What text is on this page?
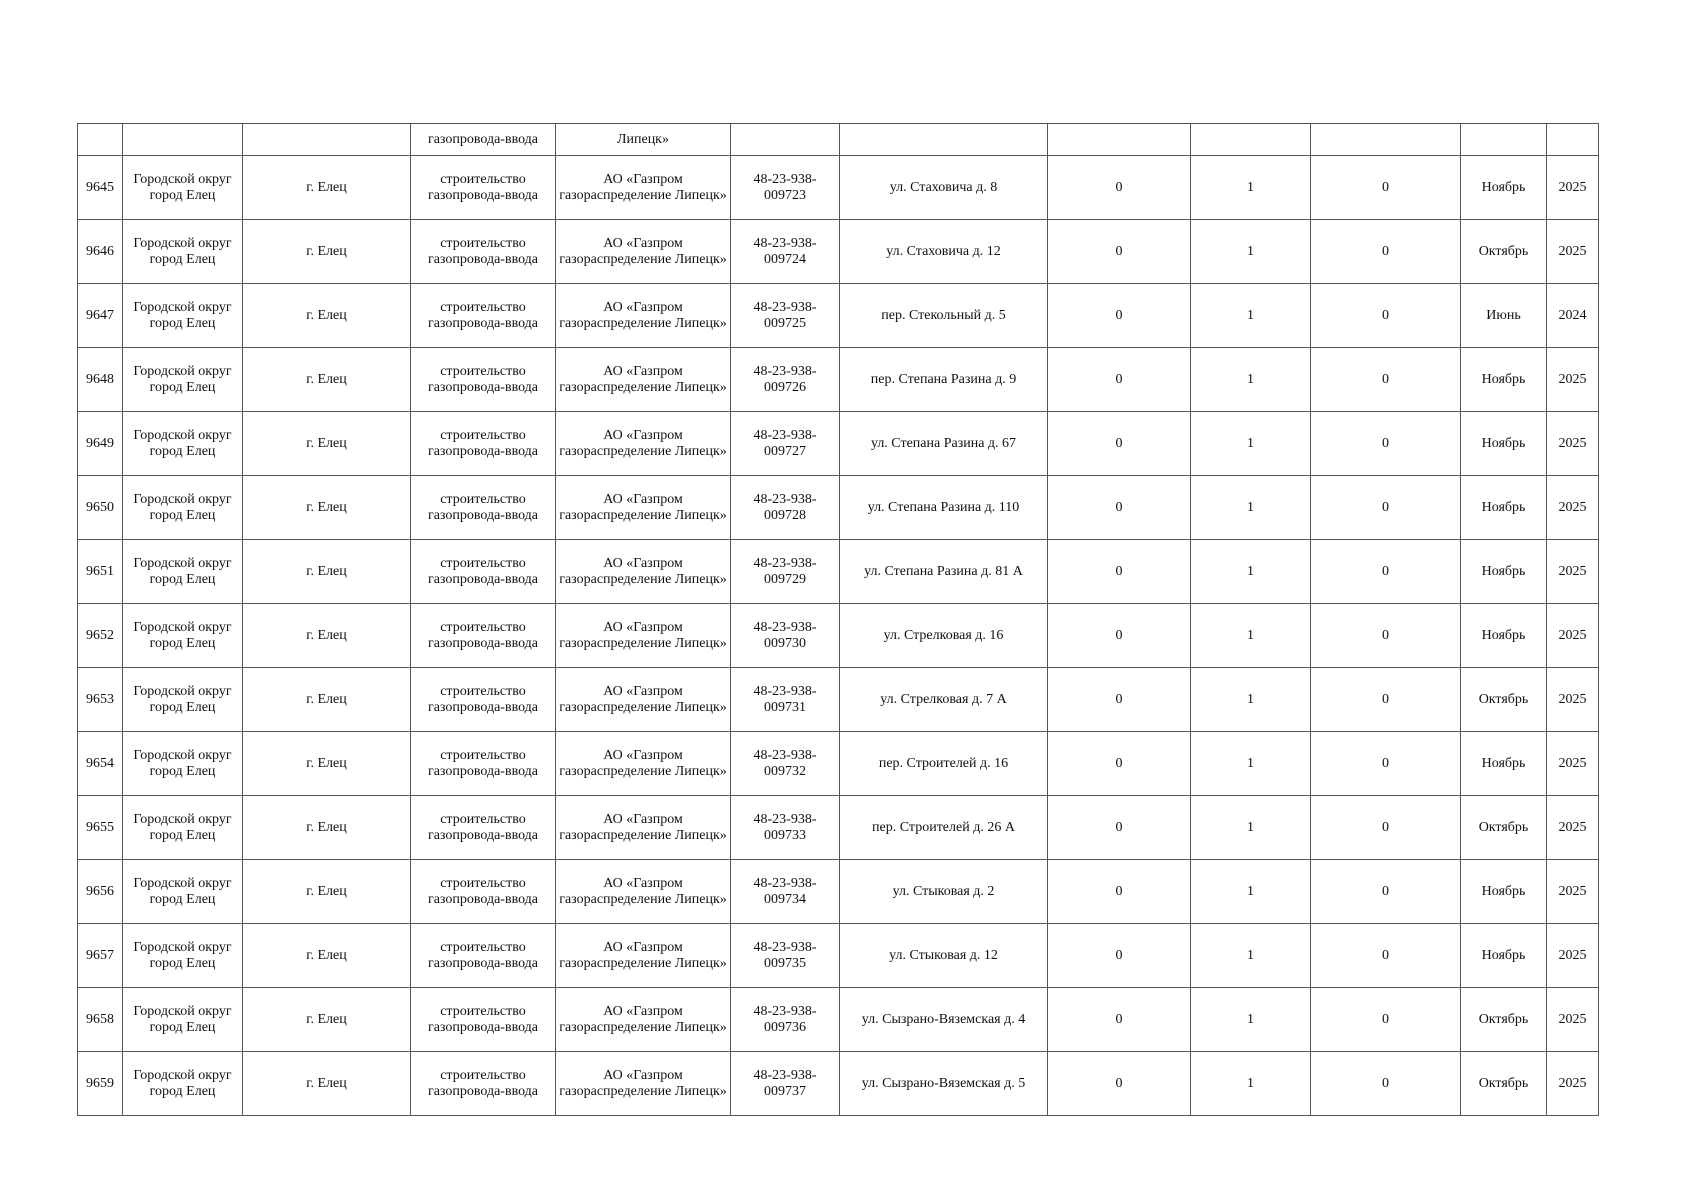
			газопровода-ввода	Липецк»							
9645	Городской округ город Елец	г. Елец	строительство газопровода-ввода	АО «Газпром газораспределение Липецк»	48-23-938-009723	ул. Стаховича д. 8	0	1	0	Ноябрь	2025
9646	Городской округ город Елец	г. Елец	строительство газопровода-ввода	АО «Газпром газораспределение Липецк»	48-23-938-009724	ул. Стаховича д. 12	0	1	0	Октябрь	2025
9647	Городской округ город Елец	г. Елец	строительство газопровода-ввода	АО «Газпром газораспределение Липецк»	48-23-938-009725	пер. Стекольный д. 5	0	1	0	Июнь	2024
9648	Городской округ город Елец	г. Елец	строительство газопровода-ввода	АО «Газпром газораспределение Липецк»	48-23-938-009726	пер. Степана Разина д. 9	0	1	0	Ноябрь	2025
9649	Городской округ город Елец	г. Елец	строительство газопровода-ввода	АО «Газпром газораспределение Липецк»	48-23-938-009727	ул. Степана Разина д. 67	0	1	0	Ноябрь	2025
9650	Городской округ город Елец	г. Елец	строительство газопровода-ввода	АО «Газпром газораспределение Липецк»	48-23-938-009728	ул. Степана Разина д. 110	0	1	0	Ноябрь	2025
9651	Городской округ город Елец	г. Елец	строительство газопровода-ввода	АО «Газпром газораспределение Липецк»	48-23-938-009729	ул. Степана Разина д. 81 А	0	1	0	Ноябрь	2025
9652	Городской округ город Елец	г. Елец	строительство газопровода-ввода	АО «Газпром газораспределение Липецк»	48-23-938-009730	ул. Стрелковая д. 16	0	1	0	Ноябрь	2025
9653	Городской округ город Елец	г. Елец	строительство газопровода-ввода	АО «Газпром газораспределение Липецк»	48-23-938-009731	ул. Стрелковая д. 7 А	0	1	0	Октябрь	2025
9654	Городской округ город Елец	г. Елец	строительство газопровода-ввода	АО «Газпром газораспределение Липецк»	48-23-938-009732	пер. Строителей д. 16	0	1	0	Ноябрь	2025
9655	Городской округ город Елец	г. Елец	строительство газопровода-ввода	АО «Газпром газораспределение Липецк»	48-23-938-009733	пер. Строителей д. 26 А	0	1	0	Октябрь	2025
9656	Городской округ город Елец	г. Елец	строительство газопровода-ввода	АО «Газпром газораспределение Липецк»	48-23-938-009734	ул. Стыковая д. 2	0	1	0	Ноябрь	2025
9657	Городской округ город Елец	г. Елец	строительство газопровода-ввода	АО «Газпром газораспределение Липецк»	48-23-938-009735	ул. Стыковая д. 12	0	1	0	Ноябрь	2025
9658	Городской округ город Елец	г. Елец	строительство газопровода-ввода	АО «Газпром газораспределение Липецк»	48-23-938-009736	ул. Сызрано-Вяземская д. 4	0	1	0	Октябрь	2025
9659	Городской округ город Елец	г. Елец	строительство газопровода-ввода	АО «Газпром газораспределение Липецк»	48-23-938-009737	ул. Сызрано-Вяземская д. 5	0	1	0	Октябрь	2025
